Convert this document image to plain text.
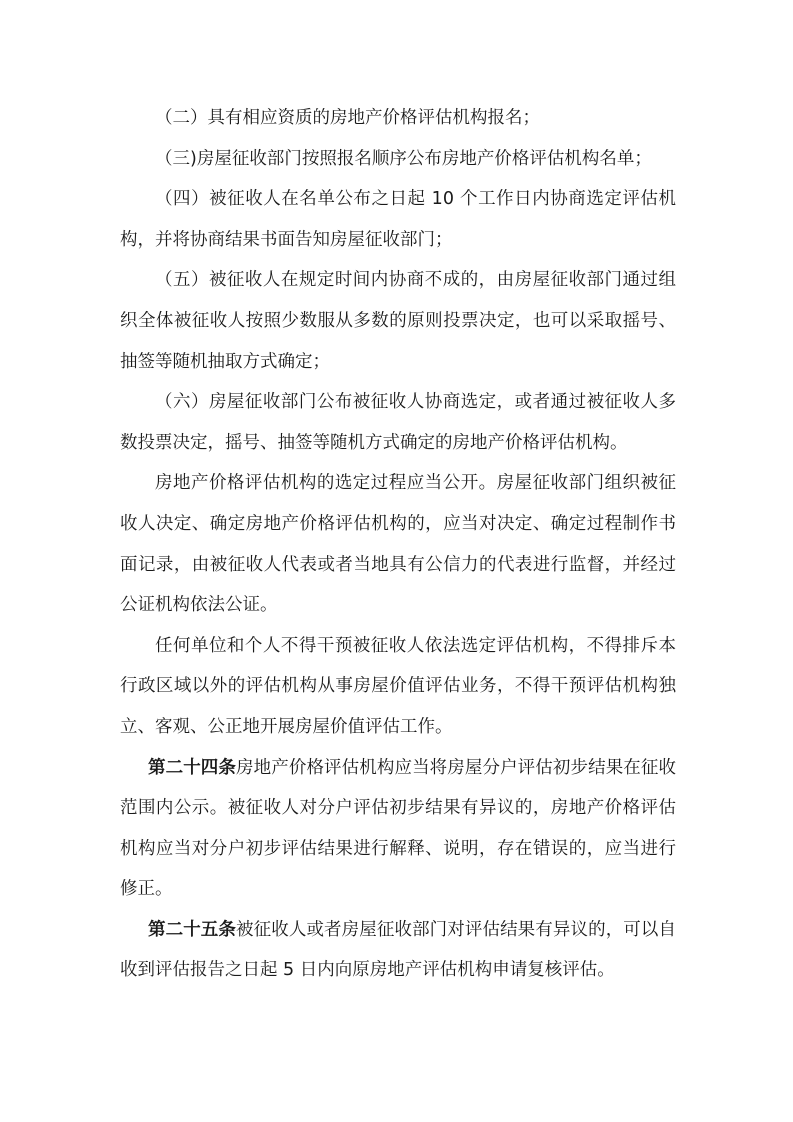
（二）具有相应资质的房地产价格评估机构报名；

（三)房屋征收部门按照报名顺序公布房地产价格评估机构名单；

（四）被征收人在名单公布之日起 10 个工作日内协商选定评估机构，并将协商结果书面告知房屋征收部门；

（五）被征收人在规定时间内协商不成的，由房屋征收部门通过组织全体被征收人按照少数服从多数的原则投票决定，也可以采取摇号、抽签等随机抽取方式确定；

（六）房屋征收部门公布被征收人协商选定，或者通过被征收人多数投票决定，摇号、抽签等随机方式确定的房地产价格评估机构。

房地产价格评估机构的选定过程应当公开。房屋征收部门组织被征收人决定、确定房地产价格评估机构的，应当对决定、确定过程制作书面记录，由被征收人代表或者当地具有公信力的代表进行监督，并经过公证机构依法公证。

任何单位和个人不得干预被征收人依法选定评估机构，不得排斥本行政区域以外的评估机构从事房屋价值评估业务，不得干预评估机构独立、客观、公正地开展房屋价值评估工作。

第二十四条房地产价格评估机构应当将房屋分户评估初步结果在征收范围内公示。被征收人对分户评估初步结果有异议的，房地产价格评估机构应当对分户初步评估结果进行解释、说明，存在错误的，应当进行修正。

第二十五条被征收人或者房屋征收部门对评估结果有异议的，可以自收到评估报告之日起 5 日内向原房地产评估机构申请复核评估。
